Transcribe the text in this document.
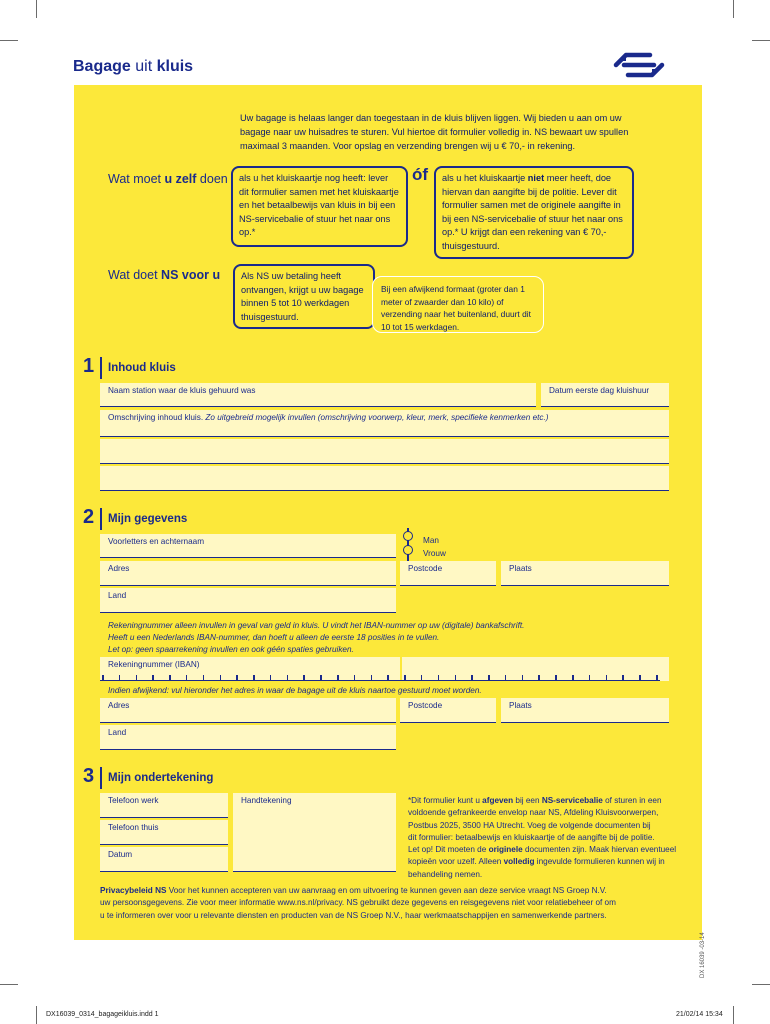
Bagage uit kluis
Uw bagage is helaas langer dan toegestaan in de kluis blijven liggen. Wij bieden u aan om uw bagage naar uw huisadres te sturen. Vul hiertoe dit formulier volledig in. NS bewaart uw spullen maximaal 3 maanden. Voor opslag en verzending brengen wij u € 70,- in rekening.
Wat moet u zelf doen	als u het kluiskaartje nog heeft: lever dit formulier samen met het kluiskaartje en het betaalbewijs van kluis in bij een NS-servicebalie of stuur het naar ons op.*
óf	als u het kluiskaartje niet meer heeft, doe hiervan dan aangifte bij de politie. Lever dit formulier samen met de originele aangifte in bij een NS-servicebalie of stuur het naar ons op.* U krijgt dan een rekening van € 70,- thuisgestuurd.
Wat doet NS voor u	Als NS uw betaling heeft ontvangen, krijgt u uw bagage binnen 5 tot 10 werkdagen thuisgestuurd.
Bij een afwijkend formaat (groter dan 1 meter of zwaarder dan 10 kilo) of verzending naar het buitenland, duurt dit 10 tot 15 werkdagen.
1 Inhoud kluis
Naam station waar de kluis gehuurd was	Datum eerste dag kluishuur
Omschrijving inhoud kluis. Zo uitgebreid mogelijk invullen (omschrijving voorwerp, kleur, merk, specifieke kenmerken etc.)
2 Mijn gegevens
Voorletters en achternaam	Man
Vrouw
Adres	Postcode	Plaats
Land
Rekeningnummer alleen invullen in geval van geld in kluis. U vindt het IBAN-nummer op uw (digitale) bankafschrift.
Heeft u een Nederlands IBAN-nummer, dan hoeft u alleen de eerste 18 posities in te vullen.
Let op: geen spaarrekening invullen en ook géén spaties gebruiken.
Rekeningnummer (IBAN)
Indien afwijkend: vul hieronder het adres in waar de bagage uit de kluis naartoe gestuurd moet worden.
Adres	Postcode	Plaats
Land
3 Mijn ondertekening
Telefoon werk	Handtekening
Telefoon thuis
Datum
*Dit formulier kunt u afgeven bij een NS-servicebalie of sturen in een
voldoende gefrankeerde envelop naar NS, Afdeling Kluisvoorwerpen,
Postbus 2025, 3500 HA Utrecht. Voeg de volgende documenten bij
dit formulier: betaalbewijs en kluiskaartje of de aangifte bij de politie.
Let op! Dit moeten de originele documenten zijn. Maak hiervan eventueel
kopieën voor uzelf. Alleen volledig ingevulde formulieren kunnen wij in
behandeling nemen.
Privacybeleid NS Voor het kunnen accepteren van uw aanvraag en om uitvoering te kunnen geven aan deze service vraagt NS Groep N.V.
uw persoonsgegevens. Zie voor meer informatie www.ns.nl/privacy. NS gebruikt deze gegevens en reisgegevens niet voor relatiebeheer of om
u te informeren over voor u relevante diensten en producten van de NS Groep N.V., haar werkmaatschappijen en samenwerkende partners.
DX 16039 -03-14
DX16039_0314_bagageikluis.indd 1	21/02/14 15:34
